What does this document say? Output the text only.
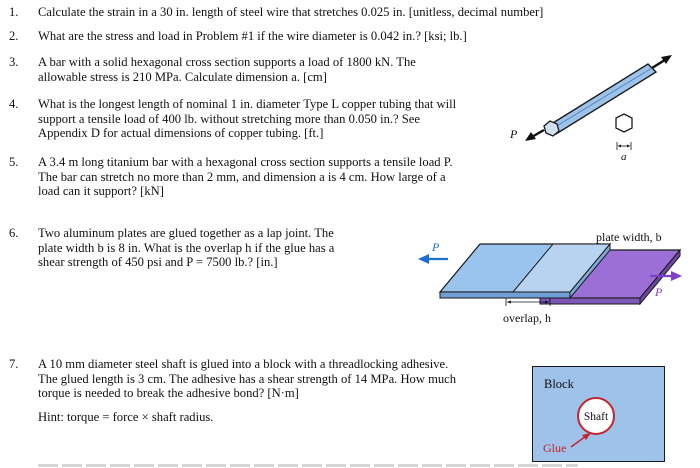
1. Calculate the strain in a 30 in. length of steel wire that stretches 0.025 in. [unitless, decimal number]
2. What are the stress and load in Problem #1 if the wire diameter is 0.042 in.? [ksi; lb.]
3. A bar with a solid hexagonal cross section supports a load of 1800 kN. The
allowable stress is 210 MPa. Calculate dimension a. [cm]
4. What is the longest length of nominal 1 in. diameter Type L copper tubing that will
support a tensile load of 400 lb. without stretching more than 0.050 in.? See
Appendix D for actual dimensions of copper tubing. [ft.]
5. A 3.4 m long titanium bar with a hexagonal cross section supports a tensile load P.
The bar can stretch no more than 2 mm, and dimension a is 4 cm. How large of a
load can it support? [kN]
6. Two aluminum plates are glued together as a lap joint. The
plate width b is 8 in. What is the overlap h if the glue has a
shear strength of 450 psi and P = 7500 lb.? [in.]
7. A 10 mm diameter steel shaft is glued into a block with a threadlocking adhesive.
The glued length is 3 cm. The adhesive has a shear strength of 14 MPa. How much
torque is needed to break the adhesive bond? [N·m]
Hint: torque = force × shaft radius.
P
a
P
P
plate width, b
overlap, h
Block
Shaft
Glue
